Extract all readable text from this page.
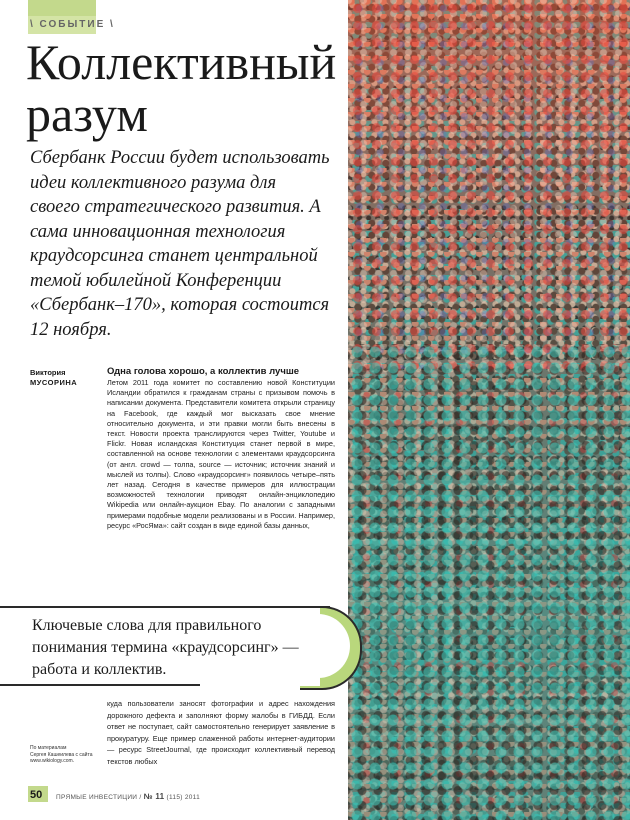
\ СОБЫТИЕ \
Коллективный
разум

Сбербанк России будет использовать идеи коллективного разума для своего стратегического развития. А сама инновационная технология краудсорсинга станет центральной темой юбилейной Конференции «Сбербанк–170», которая состоится 12 ноября.

Виктория
МУСОРИНА
Одна голова хорошо, а коллектив лучше

Летом 2011 года комитет по составлению новой Конституции Исландии обратился к гражданам страны с призывом помочь в написании документа. Представители комитета открыли страницу на Facebook, где каждый мог высказать свое мнение относительно документа, и эти правки могли быть внесены в текст. Новости проекта транслируются через Twitter, Youtube и Flickr. Новая исландская Конституция станет первой в мире, составленной на основе технологии с элементами краудсорсинга (от англ. crowd — толпа, source — источник; источник знаний и мыслей из толпы). Слово «краудсорсинг» появилось четыре–пять лет назад. Сегодня в качестве примеров для иллюстрации возможностей технологии приводят онлайн-энциклопедию Wikipedia или онлайн-аукцион Ebay. По аналогии с западными примерами подобные модели реализованы и в России. Например, ресурс «РосЯма»: сайт создан в виде единой базы данных,

Ключевые слова для правильного понимания термина «краудсорсинг» — работа и коллектив.

куда пользователи заносят фотографии и адрес нахождения дорожного дефекта и заполняют форму жалобы в ГИБДД. Если ответ не поступает, сайт самостоятельно генерирует заявление в прокуратуру. Еще пример слаженной работы интернет-аудитории — ресурс StreetJournal, где происходит коллективный перевод текстов любых

По материалам
Сергея Кашеилева с сайта
www.wikiology.com.
50 ПРЯМЫЕ ИНВЕСТИЦИИ / № 11 (115) 2011
